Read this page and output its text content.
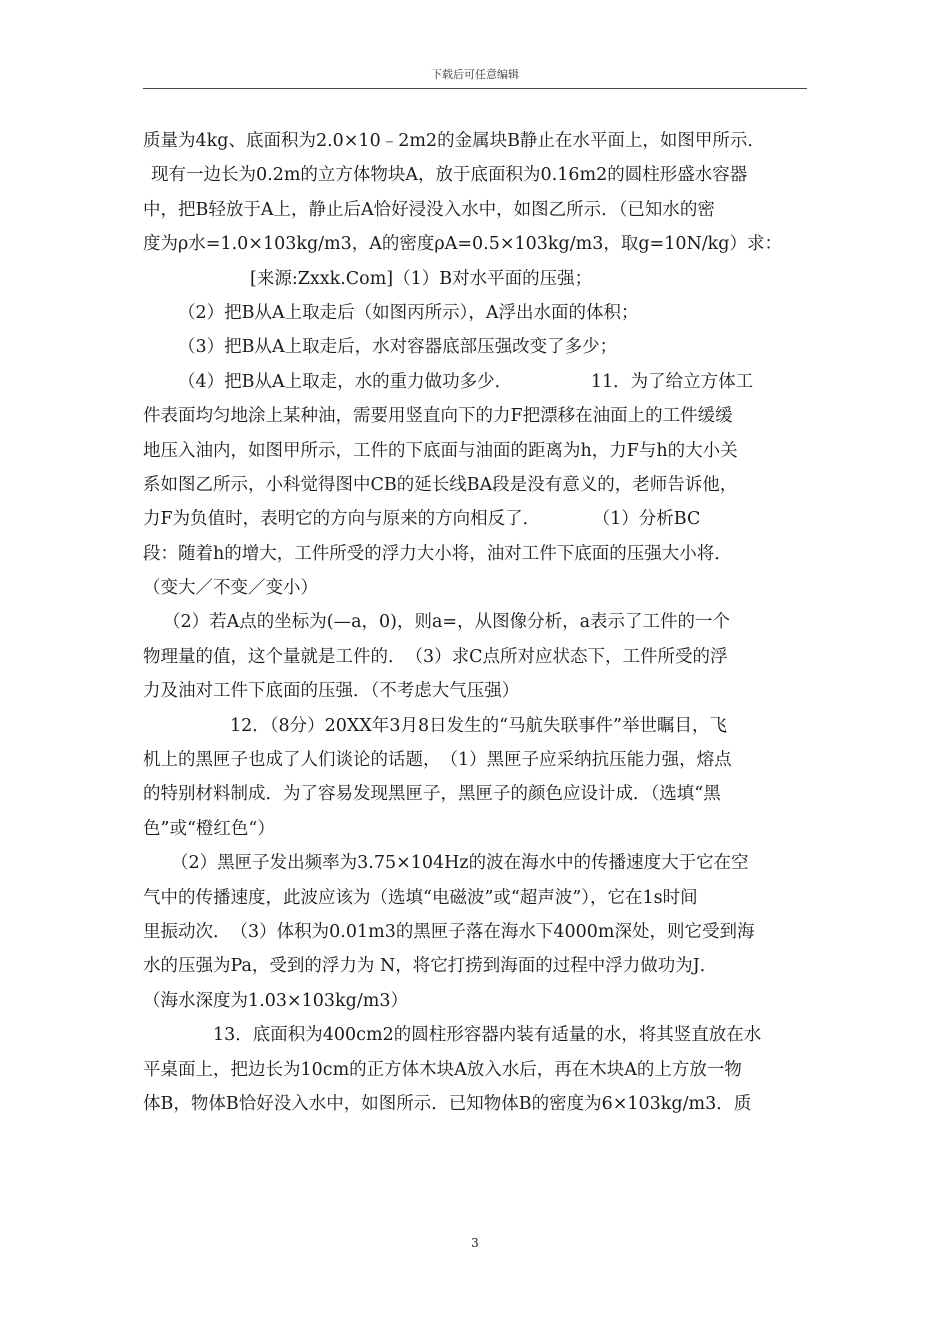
下载后可任意编辑
质量为4kg、底面积为2.0×10﹣2m2的金属块B静止在水平面上，如图甲所示．
现有一边长为0.2m的立方体物块A，放于底面积为0.16m2的圆柱形盛水容器
中，把B轻放于A上，静止后A恰好浸没入水中，如图乙所示．（已知水的密
度为ρ水=1.0×103kg/m3，A的密度ρA=0.5×103kg/m3，取g=10N/kg）求：
[来源:Zxxk.Com]（1）B对水平面的压强；
（2）把B从A上取走后（如图丙所示），A浮出水面的体积；
（3）把B从A上取走后，水对容器底部压强改变了多少；
（4）把B从A上取走，水的重力做功多少．　　　　　11．为了给立方体工
件表面均匀地涂上某种油，需要用竖直向下的力F把漂移在油面上的工件缓缓
地压入油内，如图甲所示，工件的下底面与油面的距离为h，力F与h的大小关
系如图乙所示，小科觉得图中CB的延长线BA段是没有意义的，老师告诉他，
力F为负值时，表明它的方向与原来的方向相反了．　　　　（1）分析BC
段：随着h的增大，工件所受的浮力大小将，油对工件下底面的压强大小将．
（变大／不变／变小）
（2）若A点的坐标为(—a，0)，则a=，从图像分析，a表示了工件的一个
物理量的值，这个量就是工件的．　（3）求C点所对应状态下，工件所受的浮
力及油对工件下底面的压强．（不考虑大气压强）
12．（8分）20XX年3月8日发生的“马航失联事件”举世瞩目，飞
机上的黑匣子也成了人们谈论的话题，　（1）黑匣子应采纳抗压能力强，熔点
的特别材料制成．为了容易发现黑匣子，黑匣子的颜色应设计成．（选填“黑
色”或“橙红色“）
（2）黑匣子发出频率为3.75×104Hz的波在海水中的传播速度大于它在空
气中的传播速度，此波应该为（选填“电磁波”或“超声波”），它在1s时间
里振动次．　（3）体积为0.01m3的黑匣子落在海水下4000m深处，则它受到海
水的压强为Pa，受到的浮力为 N，将它打捞到海面的过程中浮力做功为J．
（海水深度为1.03×103kg/m3）
13．底面积为400cm2的圆柱形容器内装有适量的水，将其竖直放在水
平桌面上，把边长为10cm的正方体木块A放入水后，再在木块A的上方放一物
体B，物体B恰好没入水中，如图所示．已知物体B的密度为6×103kg/m3．质
3
